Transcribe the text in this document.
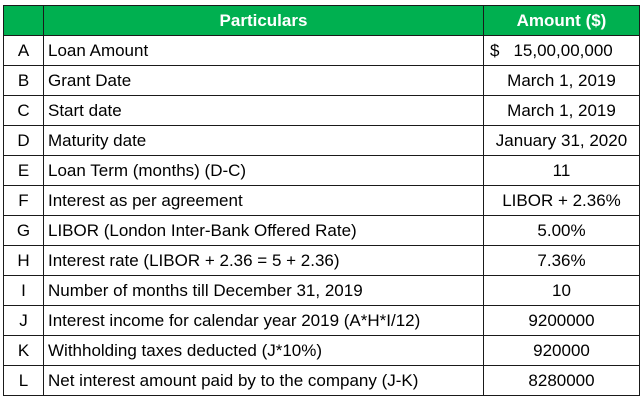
	Particulars	Amount ($)
A	Loan Amount	$ 15,00,00,000
B	Grant Date	March 1, 2019
C	Start date	March 1, 2019
D	Maturity date	January 31, 2020
E	Loan Term (months) (D-C)	11
F	Interest as per agreement	LIBOR + 2.36%
G	LIBOR (London Inter-Bank Offered Rate)	5.00%
H	Interest rate (LIBOR + 2.36 = 5 + 2.36)	7.36%
I	Number of months till December 31, 2019	10
J	Interest income for calendar year 2019 (A*H*I/12)	9200000
K	Withholding taxes deducted (J*10%)	920000
L	Net interest amount paid by to the company (J-K)	8280000
